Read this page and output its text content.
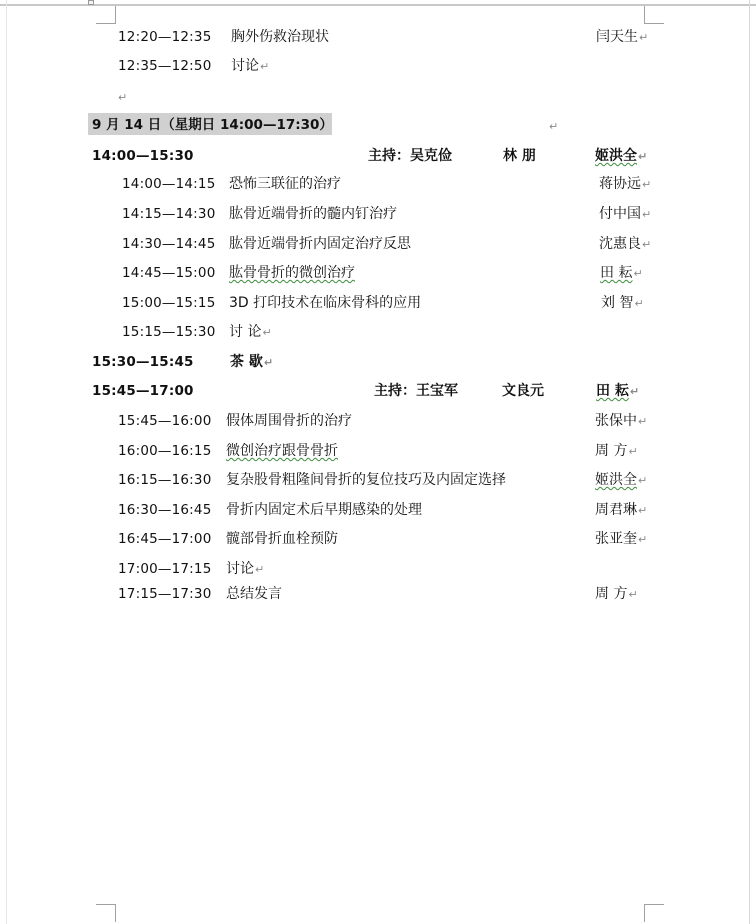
12:20—12:35 胸外伤救治现状	闫天生↵
12:35—12:50 讨论↵
↵
9 月 14 日（星期日 14:00—17:30）	↵
14:00—15:30	主持：吴克俭	林 朋	姬洪全↵
14:00—14:15 恐怖三联征的治疗	蒋协远↵
14:15—14:30 肱骨近端骨折的髓内钉治疗	付中国↵
14:30—14:45 肱骨近端骨折内固定治疗反思	沈惠良↵
14:45—15:00 肱骨骨折的微创治疗	田 耘↵
15:00—15:15 3D 打印技术在临床骨科的应用	刘 智↵
15:15—15:30 讨 论↵
15:30—15:45	茶 歇↵
15:45—17:00	主持：王宝军	文良元	田 耘↵
15:45—16:00 假体周围骨折的治疗	张保中↵
16:00—16:15 微创治疗跟骨骨折	周 方↵
16:15—16:30 复杂股骨粗隆间骨折的复位技巧及内固定选择	姬洪全↵
16:30—16:45 骨折内固定术后早期感染的处理	周君琳↵
16:45—17:00 髋部骨折血栓预防	张亚奎↵
17:00—17:15 讨论↵
17:15—17:30 总结发言	周 方↵
